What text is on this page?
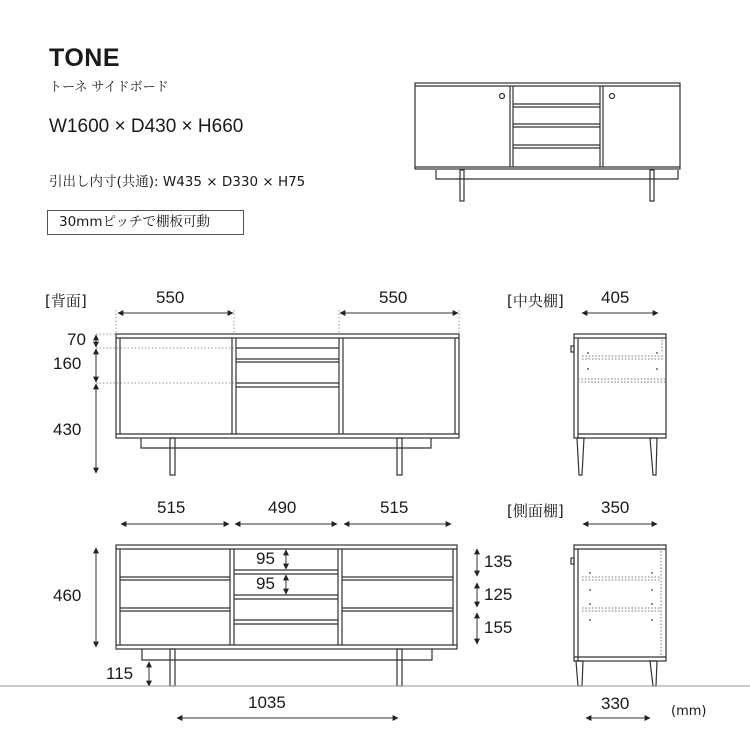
TONE
トーネ サイドボード
W1600 × D430 × H660
引出し内寸(共通): W435 × D330 × H75
30mmピッチで棚板可動
[背面]	550	550
70
160
430
[中央棚] 405
515	490	515
460
95
95
135
125
155
115
1035
[側面棚] 350
330	(mm)
